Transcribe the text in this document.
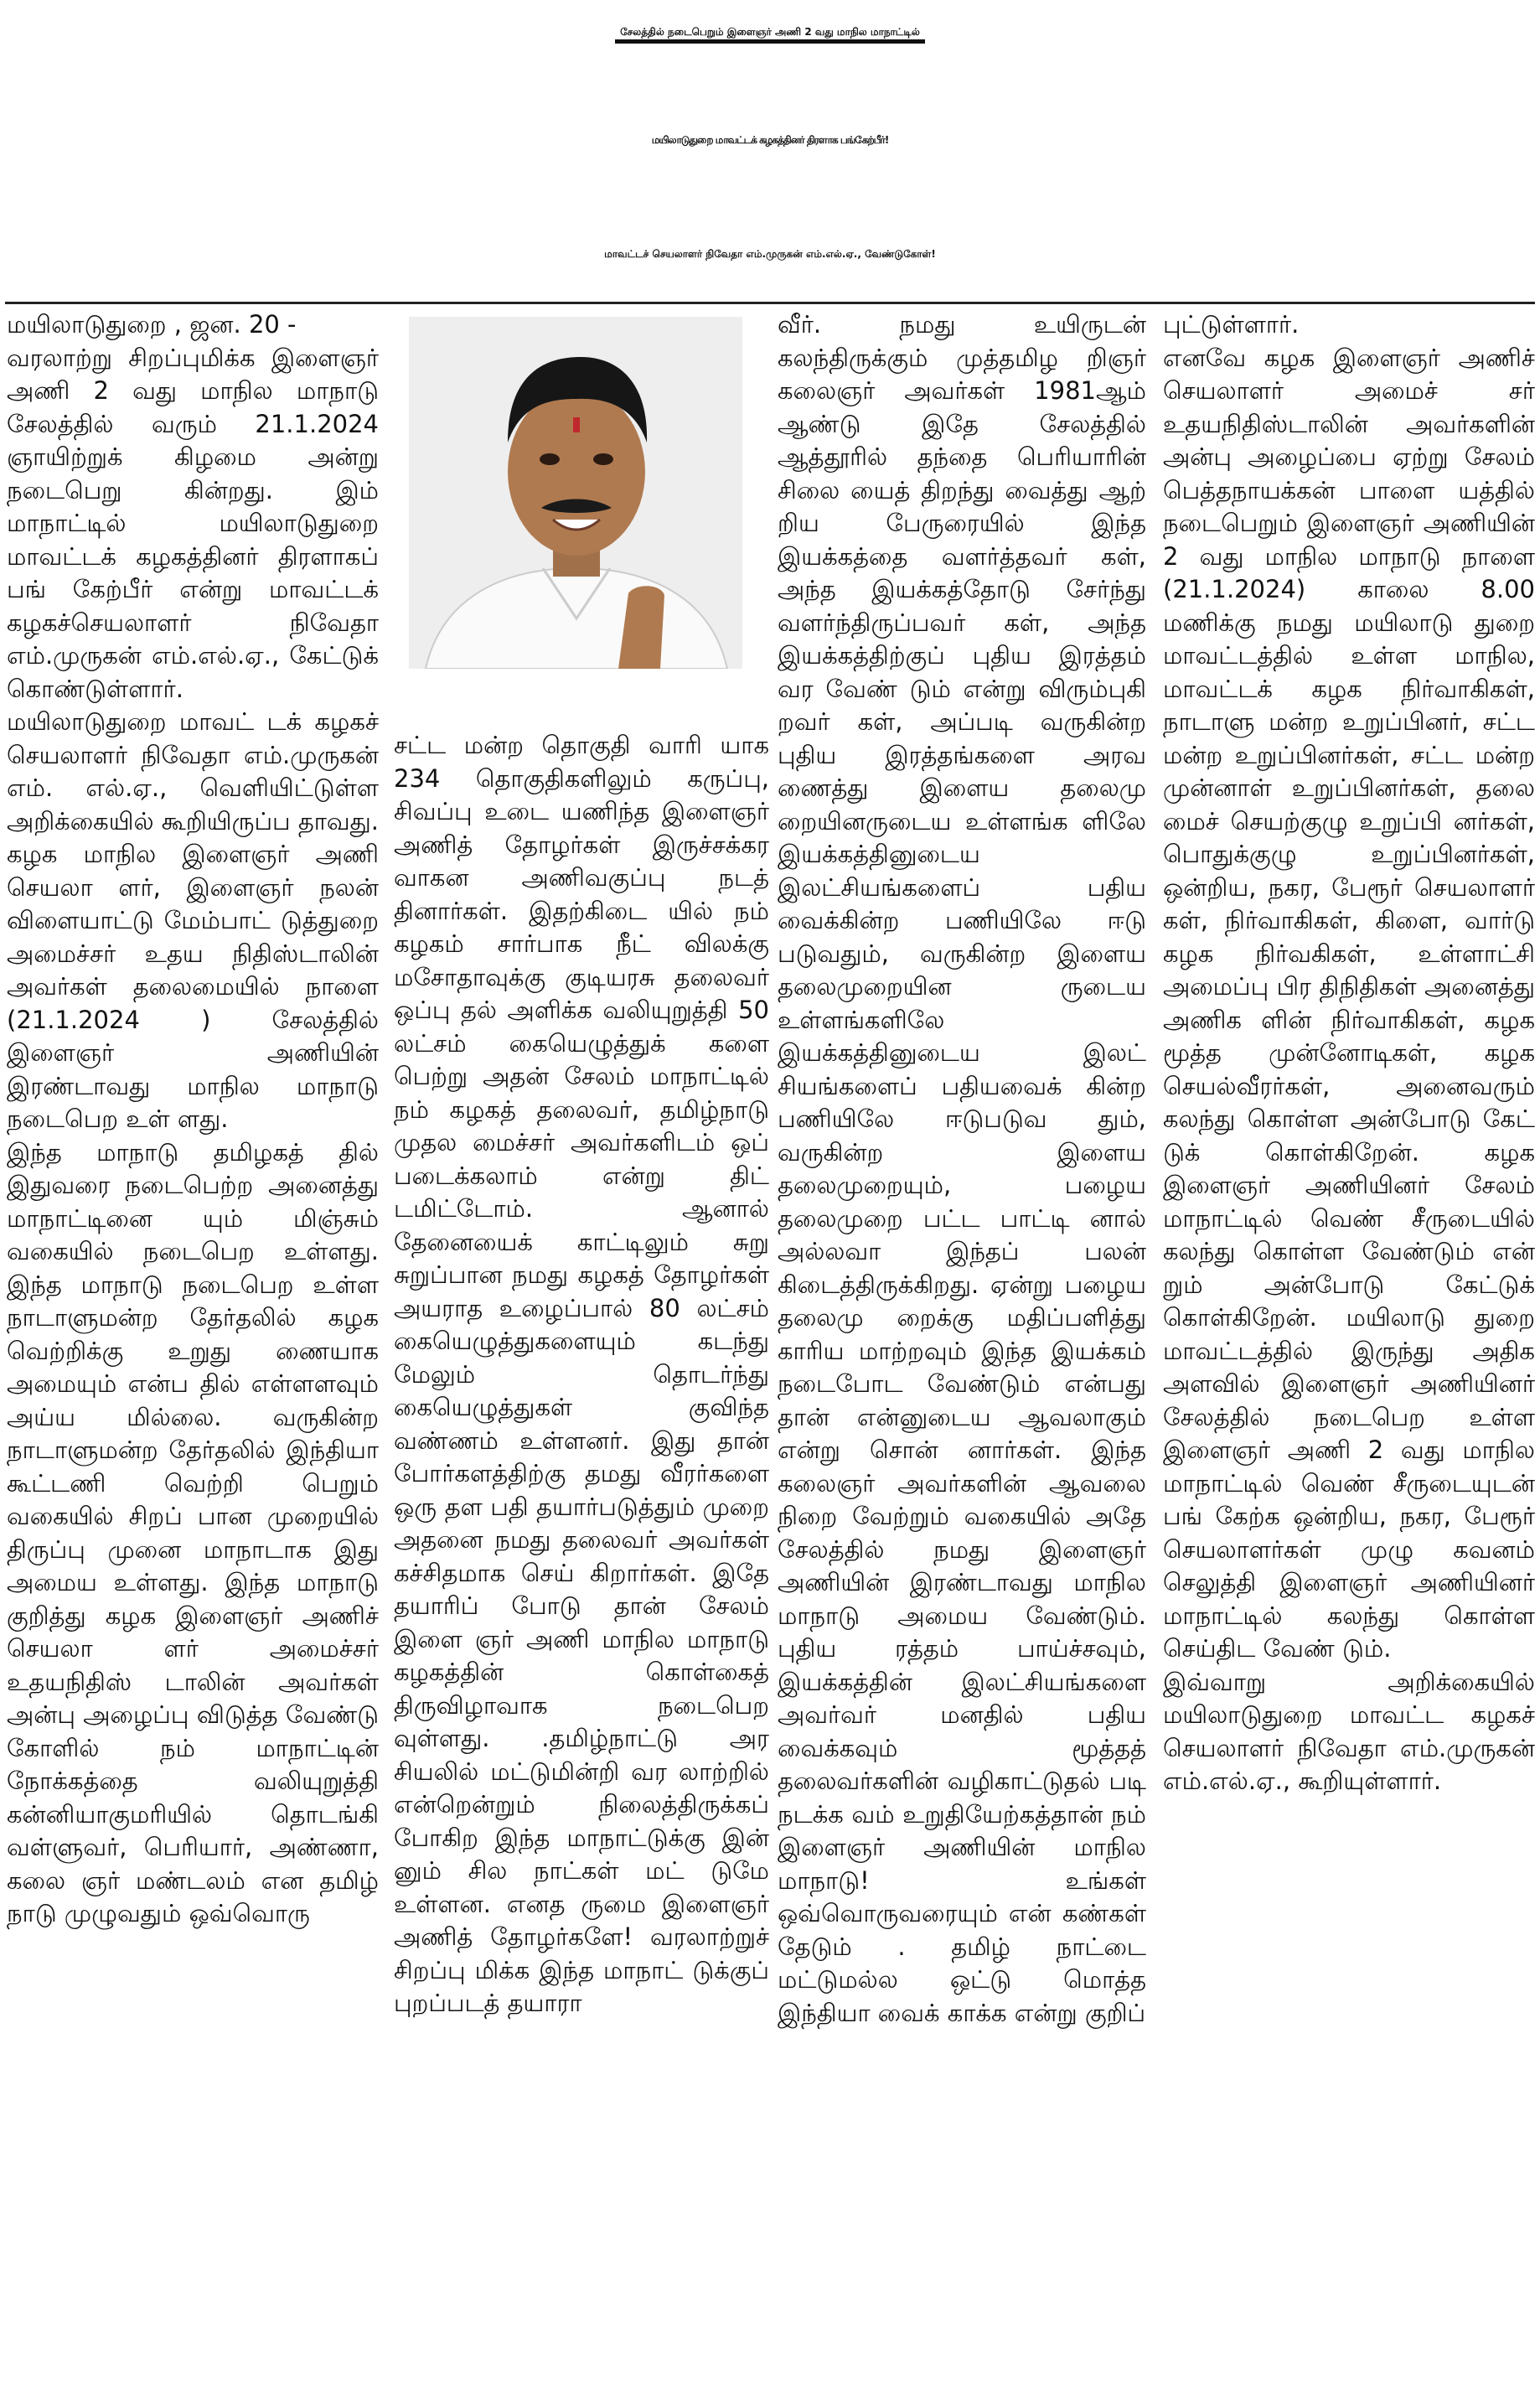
சேலத்தில் நடைபெறும் இளைஞர் அணி 2 வது மாநில மாநாட்டில்
மயிலாடுதுறை மாவட்டக் கழகத்தினர் திரளாக பங்கேற்பீர்!
மாவட்டச் செயலாளர் நிவேதா எம்.முருகன் எம்.எல்.ஏ., வேண்டுகோள்!
மயிலாடுதுறை , ஜன. 20 -
வரலாற்று சிறப்புமிக்க இளைஞர் அணி 2 வது மாநில மாநாடு சேலத்தில் வரும் 21.1.2024 ஞாயிற்றுக் கிழமை அன்று நடைபெறு கின்றது. இம் மாநாட்டில் மயிலாடுதுறை மாவட்டக் கழகத்தினர் திரளாகப் பங் கேற்பீர் என்று மாவட்டக் கழகச்செயலாளர் நிவேதா எம்.முருகன் எம்.எல்.ஏ., கேட்டுக் கொண்டுள்ளார்.
மயிலாடுதுறை மாவட் டக் கழகச் செயலாளர் நிவேதா எம்.முருகன் எம். எல்.ஏ., வெளியிட்டுள்ள அறிக்கையில் கூறியிருப்ப தாவது. கழக மாநில இளைஞர் அணி செயலா ளர், இளைஞர் நலன் விளையாட்டு மேம்பாட் டுத்துறை அமைச்சர் உதய நிதிஸ்டாலின் அவர்கள் தலைமையில் நாளை (21.1.2024 ) சேலத்தில் இளைஞர் அணியின் இரண்டாவது மாநில மாநாடு நடைபெற உள் ளது.
இந்த மாநாடு தமிழகத் தில் இதுவரை நடைபெற்ற அனைத்து மாநாட்டினை யும் மிஞ்சும் வகையில் நடைபெற உள்ளது. இந்த மாநாடு நடைபெற உள்ள நாடாளுமன்ற தேர்தலில் கழக வெற்றிக்கு உறுது ணையாக அமையும் என்ப தில் எள்ளளவும் அய்ய மில்லை. வருகின்ற நாடாளுமன்ற தேர்தலில் இந்தியா கூட்டணி வெற்றி பெறும் வகையில் சிறப் பான முறையில் திருப்பு முனை மாநாடாக இது அமைய உள்ளது. இந்த மாநாடு குறித்து கழக இளைஞர் அணிச் செயலா ளர் அமைச்சர் உதயநிதிஸ் டாலின் அவர்கள் அன்பு அழைப்பு விடுத்த வேண்டு கோளில் நம் மாநாட்டின் நோக்கத்தை வலியுறுத்தி கன்னியாகுமரியில் தொடங்கி வள்ளுவர், பெரியார், அண்ணா, கலை ஞர் மண்டலம் என தமிழ் நாடு முழுவதும் ஒவ்வொரு
சட்ட மன்ற தொகுதி வாரி யாக 234 தொகுதிகளிலும் கருப்பு, சிவப்பு உடை யணிந்த இளைஞர் அணித் தோழர்கள் இருச்சக்கர வாகன அணிவகுப்பு நடத் தினார்கள். இதற்கிடை யில் நம் கழகம் சார்பாக நீட் விலக்கு மசோதாவுக்கு குடியரசு தலைவர் ஒப்பு தல் அளிக்க வலியுறுத்தி 50 லட்சம் கையெழுத்துக் களை பெற்று அதன் சேலம் மாநாட்டில் நம் கழகத் தலைவர், தமிழ்நாடு முதல மைச்சர் அவர்களிடம் ஒப் படைக்கலாம் என்று திட் டமிட்டோம். ஆனால் தேனையைக் காட்டிலும் சுறு சுறுப்பான நமது கழகத் தோழர்கள் அயராத உழைப்பால் 80 லட்சம் கையெழுத்துகளையும் கடந்து மேலும் தொடர்ந்து கையெழுத்துகள் குவிந்த வண்ணம் உள்ளனர். இது தான் போர்களத்திற்கு தமது வீரர்களை ஒரு தள பதி தயார்படுத்தும் முறை அதனை நமது தலைவர் அவர்கள் கச்சிதமாக செய் கிறார்கள். இதே தயாரிப் போடு தான் சேலம் இளை ஞர் அணி மாநில மாநாடு கழகத்தின் கொள்கைத் திருவிழாவாக நடைபெற வுள்ளது. .தமிழ்நாட்டு அர சியலில் மட்டுமின்றி வர லாற்றில் என்றென்றும் நிலைத்திருக்கப் போகிற இந்த மாநாட்டுக்கு இன் னும் சில நாட்கள் மட் டுமே உள்ளன. எனத ருமை இளைஞர் அணித் தோழர்களே! வரலாற்றுச் சிறப்பு மிக்க இந்த மாநாட் டுக்குப் புறப்படத் தயாரா
வீர். நமது உயிருடன் கலந்திருக்கும் முத்தமிழ றிஞர் கலைஞர் அவர்கள் 1981ஆம் ஆண்டு இதே சேலத்தில் ஆத்தூரில் தந்தை பெரியாரின் சிலை யைத் திறந்து வைத்து ஆற் றிய பேருரையில் இந்த இயக்கத்தை வளர்த்தவர் கள், அந்த இயக்கத்தோடு சேர்ந்து வளர்ந்திருப்பவர் கள், அந்த இயக்கத்திற்குப் புதிய இரத்தம் வர வேண் டும் என்று விரும்புகி றவர் கள், அப்படி வருகின்ற புதிய இரத்தங்களை அரவ ணைத்து இளைய தலைமு றையினருடைய உள்ளங்க ளிலே இயக்கத்தினுடைய இலட்சியங்களைப் பதிய வைக்கின்ற பணியிலே ஈடு படுவதும், வருகின்ற இளைய தலைமுறையின ருடைய உள்ளங்களிலே இயக்கத்தினுடைய இலட் சியங்களைப் பதியவைக் கின்ற பணியிலே ஈடுபடுவ தும், வருகின்ற இளைய தலைமுறையும், பழைய தலைமுறை பட்ட பாட்டி னால் அல்லவா இந்தப் பலன் கிடைத்திருக்கிறது. ஏன்று பழைய தலைமு றைக்கு மதிப்பளித்து காரிய மாற்றவும் இந்த இயக்கம் நடைபோட வேண்டும் என்பது தான் என்னுடைய ஆவலாகும் என்று சொன் னார்கள். இந்த கலைஞர் அவர்களின் ஆவலை நிறை வேற்றும் வகையில் அதே சேலத்தில் நமது இளைஞர் அணியின் இரண்டாவது மாநில மாநாடு அமைய வேண்டும். புதிய ரத்தம் பாய்ச்சவும், இயக்கத்தின் இலட்சியங்களை அவர்வர் மனதில் பதிய வைக்கவும் மூத்தத் தலைவர்களின் வழிகாட்டுதல் படி நடக்க வம் உறுதியேற்கத்தான் நம் இளைஞர் அணியின் மாநில மாநாடு! உங்கள் ஒவ்வொருவரையும் என் கண்கள் தேடும் . தமிழ் நாட்டை மட்டுமல்ல ஒட்டு மொத்த இந்தியா வைக் காக்க என்று குறிப்
புட்டுள்ளார்.
எனவே கழக இளைஞர் அணிச் செயலாளர் அமைச் சர் உதயநிதிஸ்டாலின் அவர்களின் அன்பு அழைப்பை ஏற்று சேலம் பெத்தநாயக்கன் பாளை யத்தில் நடைபெறும் இளைஞர் அணியின் 2 வது மாநில மாநாடு நாளை (21.1.2024) காலை 8.00 மணிக்கு நமது மயிலாடு துறை மாவட்டத்தில் உள்ள மாநில, மாவட்டக் கழக நிர்வாகிகள், நாடாளு மன்ற உறுப்பினர், சட்ட மன்ற உறுப்பினர்கள், சட்ட மன்ற முன்னாள் உறுப்பினர்கள், தலை மைச் செயற்குழு உறுப்பி னர்கள், பொதுக்குழு உறுப்பினர்கள், ஒன்றிய, நகர, பேரூர் செயலாளர் கள், நிர்வாகிகள், கிளை, வார்டு கழக நிர்வகிகள், உள்ளாட்சி அமைப்பு பிர திநிதிகள் அனைத்து அணிக ளின் நிர்வாகிகள், கழக மூத்த முன்னோடிகள், கழக செயல்வீரர்கள், அனைவரும் கலந்து கொள்ள அன்போடு கேட் டுக் கொள்கிறேன். கழக இளைஞர் அணியினர் சேலம் மாநாட்டில் வெண் சீருடையில் கலந்து கொள்ள வேண்டும் என் றும் அன்போடு கேட்டுக் கொள்கிறேன். மயிலாடு துறை மாவட்டத்தில் இருந்து அதிக அளவில் இளைஞர் அணியினர் சேலத்தில் நடைபெற உள்ள இளைஞர் அணி 2 வது மாநில மாநாட்டில் வெண் சீருடையுடன் பங் கேற்க ஒன்றிய, நகர, பேரூர் செயலாளர்கள் முழு கவனம் செலுத்தி இளைஞர் அணியினர் மாநாட்டில் கலந்து கொள்ள செய்திட வேண் டும்.
இவ்வாறு அறிக்கையில் மயிலாடுதுறை மாவட்ட கழகச் செயலாளர் நிவேதா எம்.முருகன் எம்.எல்.ஏ., கூறியுள்ளார்.
